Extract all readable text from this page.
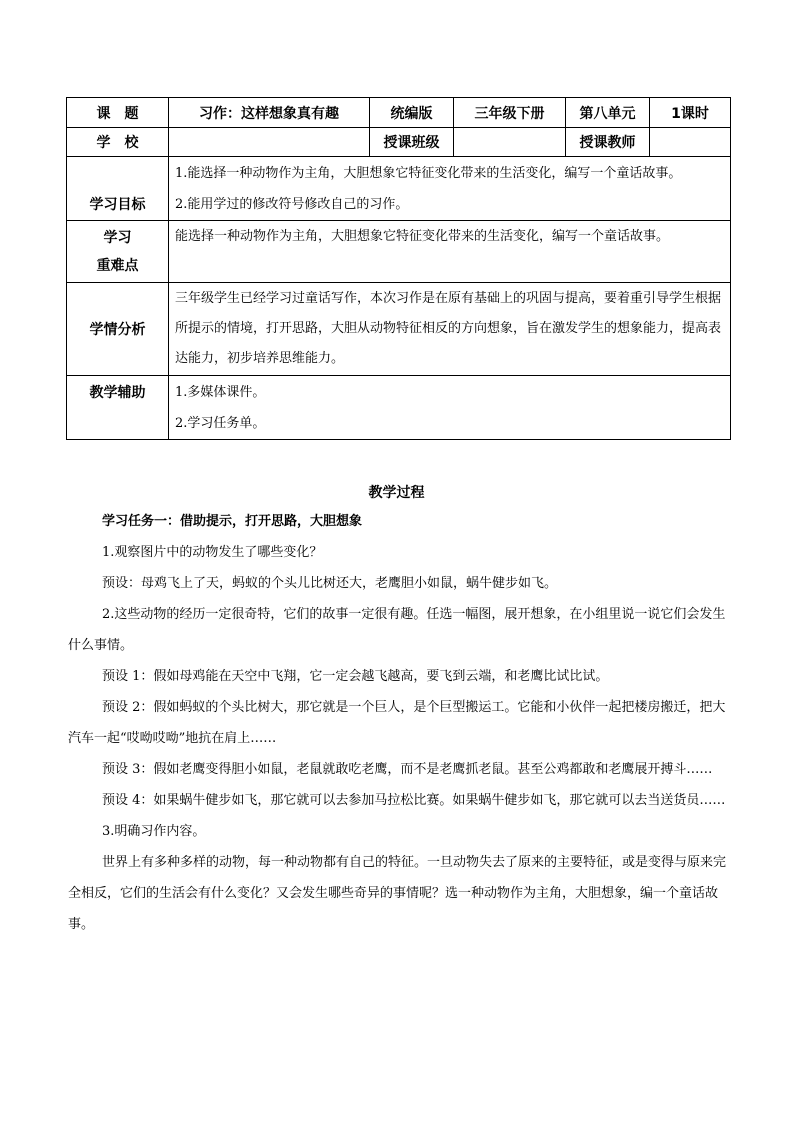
课　题	习作：这样想象真有趣	统编版	三年级下册	第八单元	1课时
学　校		授课班级		授课教师	
学习目标	1.能选择一种动物作为主角，大胆想象它特征变化带来的生活变化，编写一个童话故事。
2.能用学过的修改符号修改自己的习作。				

学习
重难点	能选择一种动物作为主角，大胆想象它特征变化带来的生活变化，编写一个童话故事。				

学情分析	三年级学生已经学习过童话写作，本次习作是在原有基础上的巩固与提高，要着重引导学生根据所提示的情境，打开思路，大胆从动物特征相反的方向想象，旨在激发学生的想象能力，提高表达能力，初步培养思维能力。				

教学辅助	1.多媒体课件。
2.学习任务单。				
教学过程
学习任务一：借助提示，打开思路，大胆想象

1.观察图片中的动物发生了哪些变化？

预设：母鸡飞上了天，蚂蚁的个头儿比树还大，老鹰胆小如鼠，蜗牛健步如飞。

2.这些动物的经历一定很奇特，它们的故事一定很有趣。任选一幅图，展开想象，在小组里说一说它们会发生什么事情。

预设 1：假如母鸡能在天空中飞翔，它一定会越飞越高，要飞到云端，和老鹰比试比试。

预设 2：假如蚂蚁的个头比树大，那它就是一个巨人，是个巨型搬运工。它能和小伙伴一起把楼房搬迁，把大汽车一起“哎呦哎呦”地抗在肩上……

预设 3：假如老鹰变得胆小如鼠，老鼠就敢吃老鹰，而不是老鹰抓老鼠。甚至公鸡都敢和老鹰展开搏斗……

预设 4：如果蜗牛健步如飞，那它就可以去参加马拉松比赛。如果蜗牛健步如飞，那它就可以去当送货员……

3.明确习作内容。

世界上有多种多样的动物，每一种动物都有自己的特征。一旦动物失去了原来的主要特征，或是变得与原来完全相反，它们的生活会有什么变化？又会发生哪些奇异的事情呢？选一种动物作为主角，大胆想象，编一个童话故事。
